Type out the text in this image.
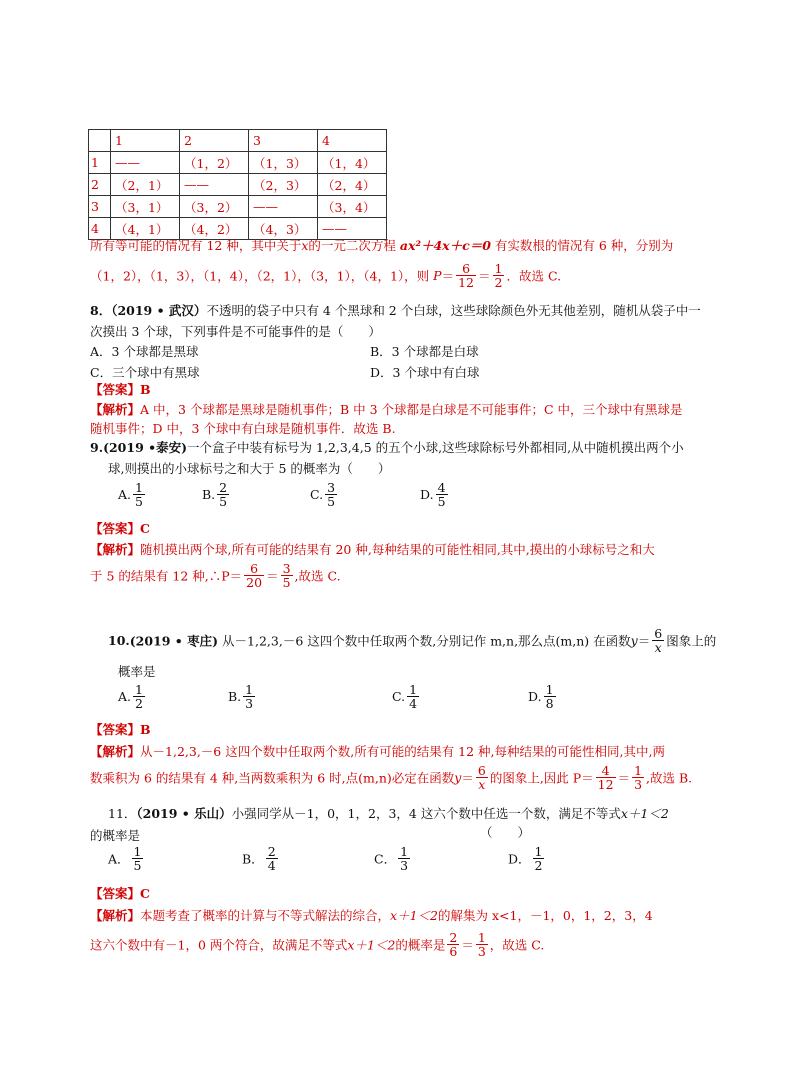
	1	2	3	4
1	——	（1，2）	（1，3）	（1，4）
2	（2，1）	——	（2，3）	（2，4）
3	（3，1）	（3，2）	——	（3，4）
4	（4，1）	（4，2）	（4，3）	——
所有等可能的情况有 12 种，其中关于x的一元二次方程 ax²＋4x＋c＝0 有实数根的情况有 6 种，分别为
（1，2），（1，3），（1，4），（2，1），（3，1），（4，1），则 $P= \frac{6}{12} = \frac{1}{2}$ ．故选 C.
8．（2019 • 武汉）不透明的袋子中只有 4 个黑球和 2 个白球，这些球除颜色外无其他差别，随机从袋子中一
次摸出 3 个球，下列事件是不可能事件的是（　　）
A．3 个球都是黑球	B．3 个球都是白球
C．三个球中有黑球	D．3 个球中有白球
【答案】B
【解析】A 中，3 个球都是黑球是随机事件；B 中 3 个球都是白球是不可能事件；C 中，三个球中有黑球是
随机事件；D 中，3 个球中有白球是随机事件．故选 B.
9.(2019 •泰安)一个盒子中装有标号为 1,2,3,4,5 的五个小球,这些球除标号外都相同,从中随机摸出两个小
球,则摸出的小球标号之和大于 5 的概率为（　　）
A. $\frac{1}{5}$	B. $\frac{2}{5}$	C. $\frac{3}{5}$	D. $\frac{4}{5}$
【答案】C
【解析】随机摸出两个球,所有可能的结果有 20 种,每种结果的可能性相同,其中,摸出的小球标号之和大
于 5 的结果有 12 种,∴P＝ $\frac{6}{20} = \frac{3}{5}$ ,故选 C.
10.(2019 • 枣庄) 从－1,2,3,－6 这四个数中任取两个数,分别记作 m,n,那么点(m,n) 在函数$y= \frac{6}{x}$ 图象上的
概率是
A. $\frac{1}{2}$	B. $\frac{1}{3}$	C. $\frac{1}{4}$	D. $\frac{1}{8}$
【答案】B
【解析】从－1,2,3,－6 这四个数中任取两个数,所有可能的结果有 12 种,每种结果的可能性相同,其中,两
数乘积为 6 的结果有 4 种,当两数乘积为 6 时,点(m,n)必定在函数$y= \frac{6}{x}$ 的图象上,因此 $P= \frac{4}{12} = \frac{1}{3}$ ,故选 B.
11．（2019 • 乐山）小强同学从－1，0，1，2，3，4 这六个数中任选一个数，满足不等式x＋1＜2
的概率是	（　　）
A． $\frac{1}{5}$	B． $\frac{2}{4}$	C． $\frac{1}{3}$	D． $\frac{1}{2}$
【答案】C
【解析】本题考查了概率的计算与不等式解法的综合，x＋1＜2的解集为 x<1，－1，0，1，2，3，4
这六个数中有－1，0 两个符合，故满足不等式x＋1＜2的概率是 $\frac{2}{6} = \frac{1}{3}$ ，故选 C.
